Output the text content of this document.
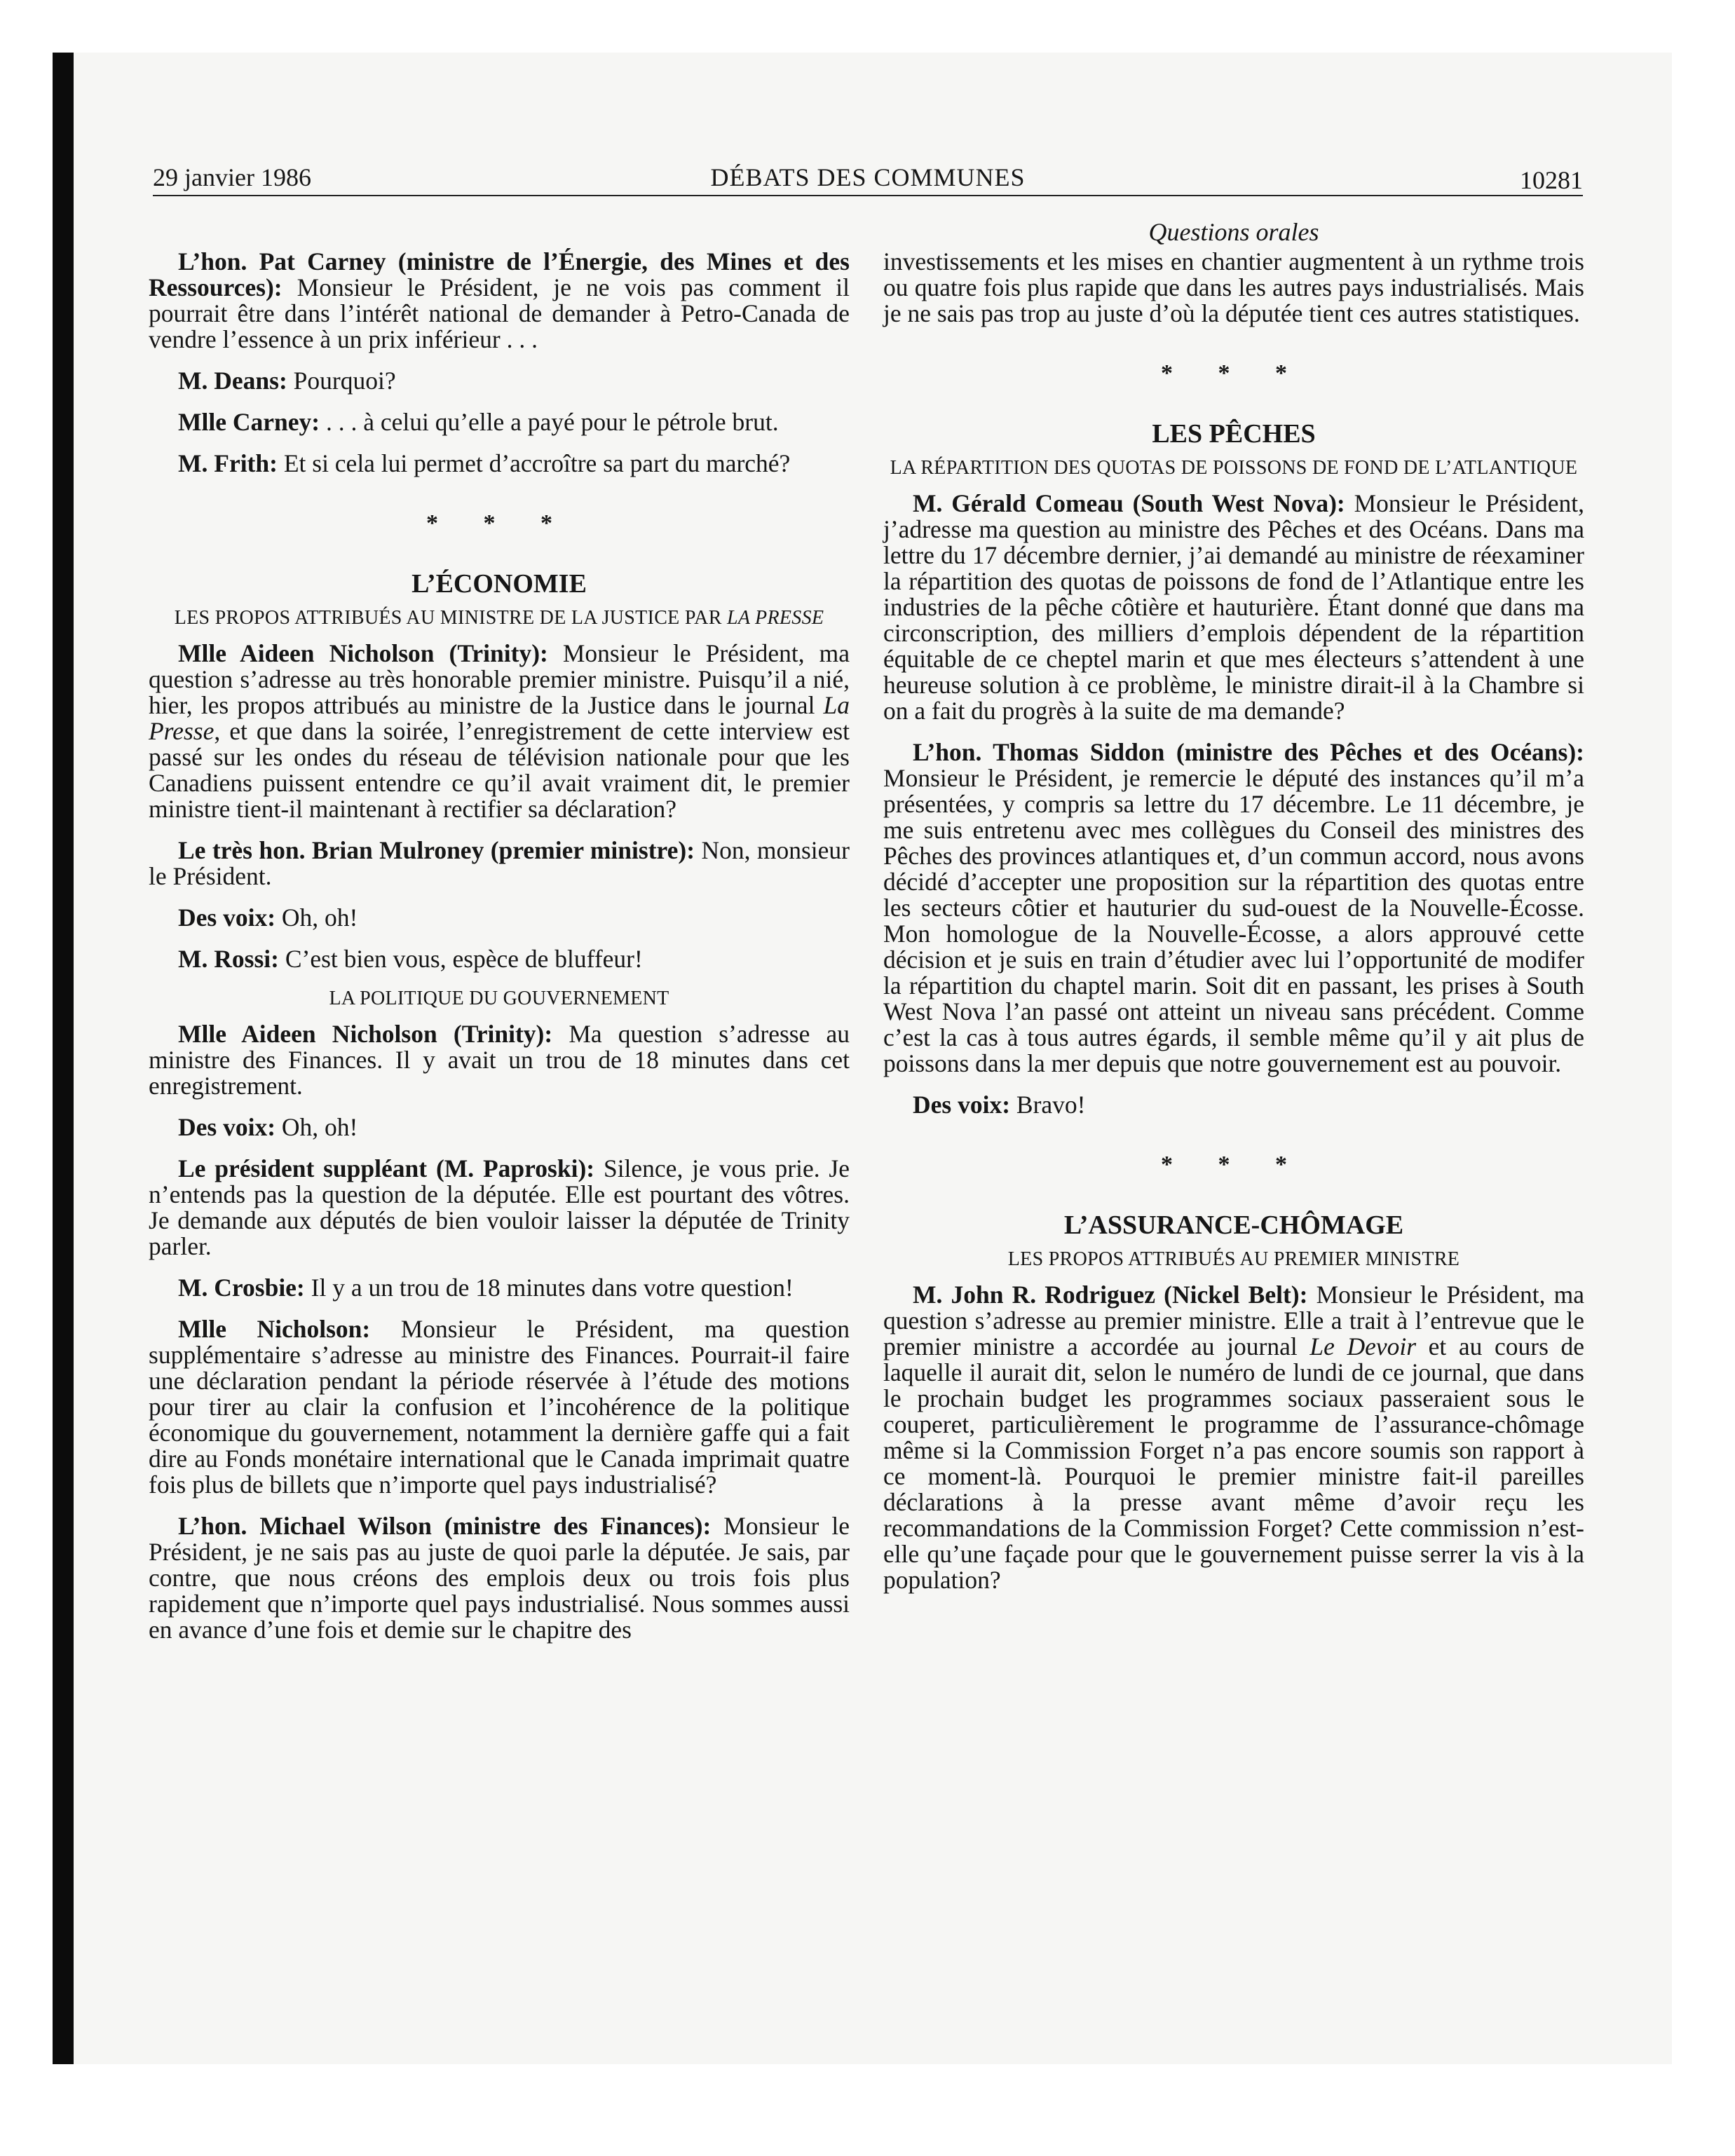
29 janvier 1986	DÉBATS DES COMMUNES	10281
Questions orales

L’hon. Pat Carney (ministre de l’Énergie, des Mines et des Ressources): Monsieur le Président, je ne vois pas comment il pourrait être dans l’intérêt national de demander à Petro-Canada de vendre l’essence à un prix inférieur . . .

M. Deans: Pourquoi?

Mlle Carney: . . . à celui qu’elle a payé pour le pétrole brut.

M. Frith: Et si cela lui permet d’accroître sa part du marché?

* * *
L’ÉCONOMIE
LES PROPOS ATTRIBUÉS AU MINISTRE DE LA JUSTICE PAR LA PRESSE

Mlle Aideen Nicholson (Trinity): Monsieur le Président, ma question s’adresse au très honorable premier ministre. Puisqu’il a nié, hier, les propos attribués au ministre de la Justice dans le journal La Presse, et que dans la soirée, l’enregistrement de cette interview est passé sur les ondes du réseau de télévision nationale pour que les Canadiens puissent entendre ce qu’il avait vraiment dit, le premier ministre tient-il maintenant à rectifier sa déclaration?

Le très hon. Brian Mulroney (premier ministre): Non, monsieur le Président.

Des voix: Oh, oh!

M. Rossi: C’est bien vous, espèce de bluffeur!

LA POLITIQUE DU GOUVERNEMENT

Mlle Aideen Nicholson (Trinity): Ma question s’adresse au ministre des Finances. Il y avait un trou de 18 minutes dans cet enregistrement.

Des voix: Oh, oh!

Le président suppléant (M. Paproski): Silence, je vous prie. Je n’entends pas la question de la députée. Elle est pourtant des vôtres. Je demande aux députés de bien vouloir laisser la députée de Trinity parler.

M. Crosbie: Il y a un trou de 18 minutes dans votre question!

Mlle Nicholson: Monsieur le Président, ma question supplémentaire s’adresse au ministre des Finances. Pourrait-il faire une déclaration pendant la période réservée à l’étude des motions pour tirer au clair la confusion et l’incohérence de la politique économique du gouvernement, notamment la dernière gaffe qui a fait dire au Fonds monétaire international que le Canada imprimait quatre fois plus de billets que n’importe quel pays industrialisé?

L’hon. Michael Wilson (ministre des Finances): Monsieur le Président, je ne sais pas au juste de quoi parle la députée. Je sais, par contre, que nous créons des emplois deux ou trois fois plus rapidement que n’importe quel pays industrialisé. Nous sommes aussi en avance d’une fois et demie sur le chapitre des

investissements et les mises en chantier augmentent à un rythme trois ou quatre fois plus rapide que dans les autres pays industrialisés. Mais je ne sais pas trop au juste d’où la députée tient ces autres statistiques.

* * *
LES PÊCHES
LA RÉPARTITION DES QUOTAS DE POISSONS DE FOND DE L’ATLANTIQUE

M. Gérald Comeau (South West Nova): Monsieur le Président, j’adresse ma question au ministre des Pêches et des Océans. Dans ma lettre du 17 décembre dernier, j’ai demandé au ministre de réexaminer la répartition des quotas de poissons de fond de l’Atlantique entre les industries de la pêche côtière et hauturière. Étant donné que dans ma circonscription, des milliers d’emplois dépendent de la répartition équitable de ce cheptel marin et que mes électeurs s’attendent à une heureuse solution à ce problème, le ministre dirait-il à la Chambre si on a fait du progrès à la suite de ma demande?

L’hon. Thomas Siddon (ministre des Pêches et des Océans): Monsieur le Président, je remercie le député des instances qu’il m’a présentées, y compris sa lettre du 17 décembre. Le 11 décembre, je me suis entretenu avec mes collègues du Conseil des ministres des Pêches des provinces atlantiques et, d’un commun accord, nous avons décidé d’accepter une proposition sur la répartition des quotas entre les secteurs côtier et hauturier du sud-ouest de la Nouvelle-Écosse. Mon homologue de la Nouvelle-Écosse, a alors approuvé cette décision et je suis en train d’étudier avec lui l’opportunité de modifer la répartition du chaptel marin. Soit dit en passant, les prises à South West Nova l’an passé ont atteint un niveau sans précédent. Comme c’est la cas à tous autres égards, il semble même qu’il y ait plus de poissons dans la mer depuis que notre gouvernement est au pouvoir.

Des voix: Bravo!

* * *
L’ASSURANCE-CHÔMAGE
LES PROPOS ATTRIBUÉS AU PREMIER MINISTRE

M. John R. Rodriguez (Nickel Belt): Monsieur le Président, ma question s’adresse au premier ministre. Elle a trait à l’entrevue que le premier ministre a accordée au journal Le Devoir et au cours de laquelle il aurait dit, selon le numéro de lundi de ce journal, que dans le prochain budget les programmes sociaux passeraient sous le couperet, particulièrement le programme de l’assurance-chômage même si la Commission Forget n’a pas encore soumis son rapport à ce moment-là. Pourquoi le premier ministre fait-il pareilles déclarations à la presse avant même d’avoir reçu les recommandations de la Commission Forget? Cette commission n’est-elle qu’une façade pour que le gouvernement puisse serrer la vis à la population?
